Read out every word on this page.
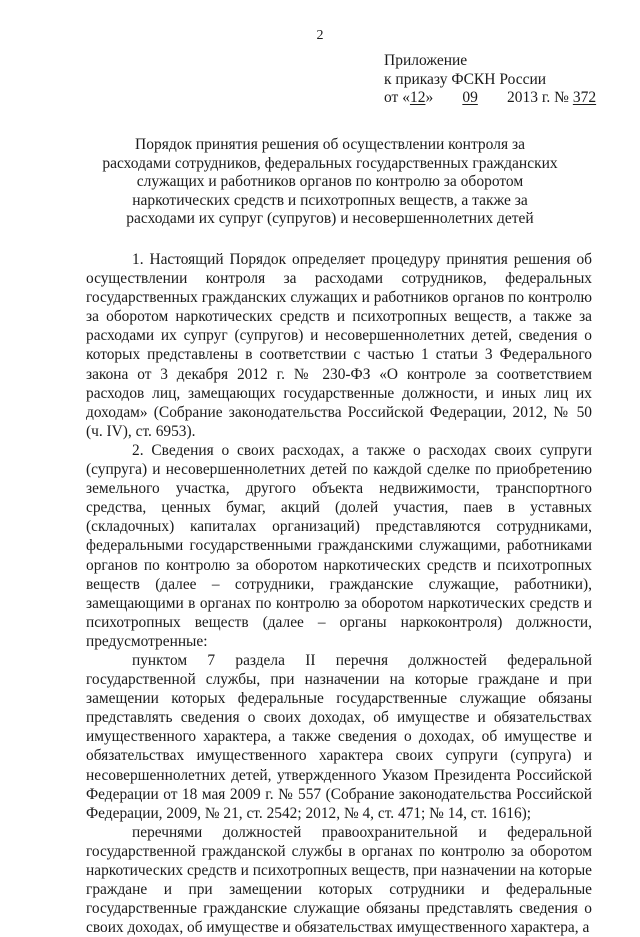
2
Приложение
к приказу ФСКН России
от «12» 09 2013 г. № 372
Порядок принятия решения об осуществлении контроля за расходами сотрудников, федеральных государственных гражданских служащих и работников органов по контролю за оборотом наркотических средств и психотропных веществ, а также за расходами их супруг (супругов) и несовершеннолетних детей

1. Настоящий Порядок определяет процедуру принятия решения об осуществлении контроля за расходами сотрудников, федеральных государственных гражданских служащих и работников органов по контролю за оборотом наркотических средств и психотропных веществ, а также за расходами их супруг (супругов) и несовершеннолетних детей, сведения о которых представлены в соответствии с частью 1 статьи 3 Федерального закона от 3 декабря 2012 г. № 230-ФЗ «О контроле за соответствием расходов лиц, замещающих государственные должности, и иных лиц их доходам» (Собрание законодательства Российской Федерации, 2012, № 50 (ч. IV), ст. 6953).

2. Сведения о своих расходах, а также о расходах своих супруги (супруга) и несовершеннолетних детей по каждой сделке по приобретению земельного участка, другого объекта недвижимости, транспортного средства, ценных бумаг, акций (долей участия, паев в уставных (складочных) капиталах организаций) представляются сотрудниками, федеральными государственными гражданскими служащими, работниками органов по контролю за оборотом наркотических средств и психотропных веществ (далее – сотрудники, гражданские служащие, работники), замещающими в органах по контролю за оборотом наркотических средств и психотропных веществ (далее – органы наркоконтроля) должности, предусмотренные:

пунктом 7 раздела II перечня должностей федеральной государственной службы, при назначении на которые граждане и при замещении которых федеральные государственные служащие обязаны представлять сведения о своих доходах, об имуществе и обязательствах имущественного характера, а также сведения о доходах, об имуществе и обязательствах имущественного характера своих супруги (супруга) и несовершеннолетних детей, утвержденного Указом Президента Российской Федерации от 18 мая 2009 г. № 557 (Собрание законодательства Российской Федерации, 2009, № 21, ст. 2542; 2012, № 4, ст. 471; № 14, ст. 1616);

перечнями должностей правоохранительной и федеральной государственной гражданской службы в органах по контролю за оборотом наркотических средств и психотропных веществ, при назначении на которые граждане и при замещении которых сотрудники и федеральные государственные гражданские служащие обязаны представлять сведения о своих доходах, об имуществе и обязательствах имущественного характера, а
